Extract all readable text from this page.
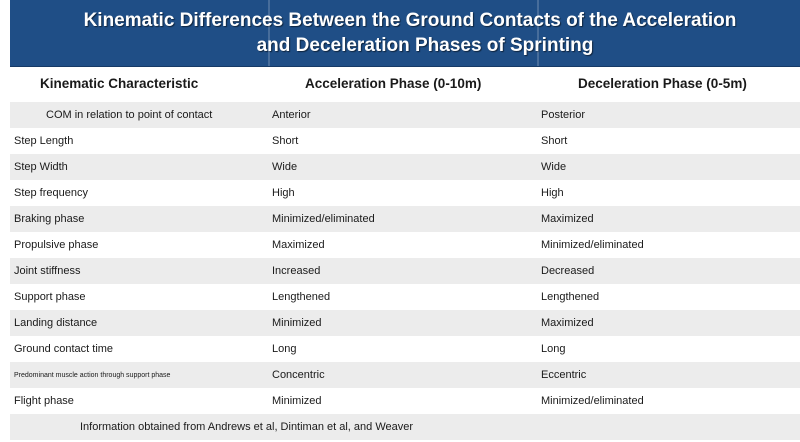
Kinematic Differences Between the Ground Contacts of the Acceleration
and Deceleration Phases of Sprinting
Kinematic Characteristic	Acceleration Phase (0-10m)	Deceleration Phase (0-5m)
COM in relation to point of contact	Anterior	Posterior
Step Length	Short	Short
Step Width	Wide	Wide
Step frequency	High	High
Braking phase	Minimized/eliminated	Maximized
Propulsive phase	Maximized	Minimized/eliminated
Joint stiffness	Increased	Decreased
Support phase	Lengthened	Lengthened
Landing distance	Minimized	Maximized
Ground contact time	Long	Long
Predominant muscle action through support phase	Concentric	Eccentric
Flight phase	Minimized	Minimized/eliminated
Information obtained from Andrews et al, Dintiman et al, and Weaver
